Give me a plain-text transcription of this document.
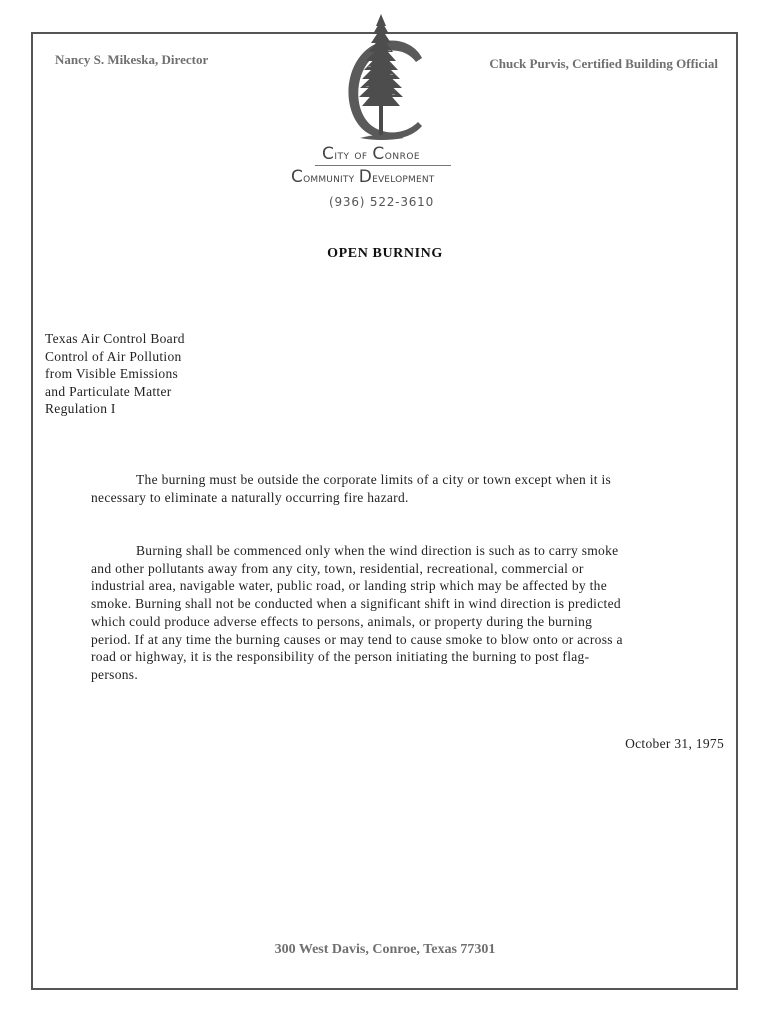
Nancy S. Mikeska, Director	Chuck Purvis, Certified Building Official
City of Conroe
Community Development
(936) 522-3610
OPEN BURNING
Texas Air Control Board
Control of Air Pollution
from Visible Emissions
and Particulate Matter
Regulation I
The burning must be outside the corporate limits of a city or town except when it is
necessary to eliminate a naturally occurring fire hazard.
Burning shall be commenced only when the wind direction is such as to carry smoke
and other pollutants away from any city, town, residential, recreational, commercial or
industrial area, navigable water, public road, or landing strip which may be affected by the
smoke. Burning shall not be conducted when a significant shift in wind direction is predicted
which could produce adverse effects to persons, animals, or property during the burning
period. If at any time the burning causes or may tend to cause smoke to blow onto or across a
road or highway, it is the responsibility of the person initiating the burning to post flag-
persons.
October 31, 1975
300 West Davis, Conroe, Texas 77301
